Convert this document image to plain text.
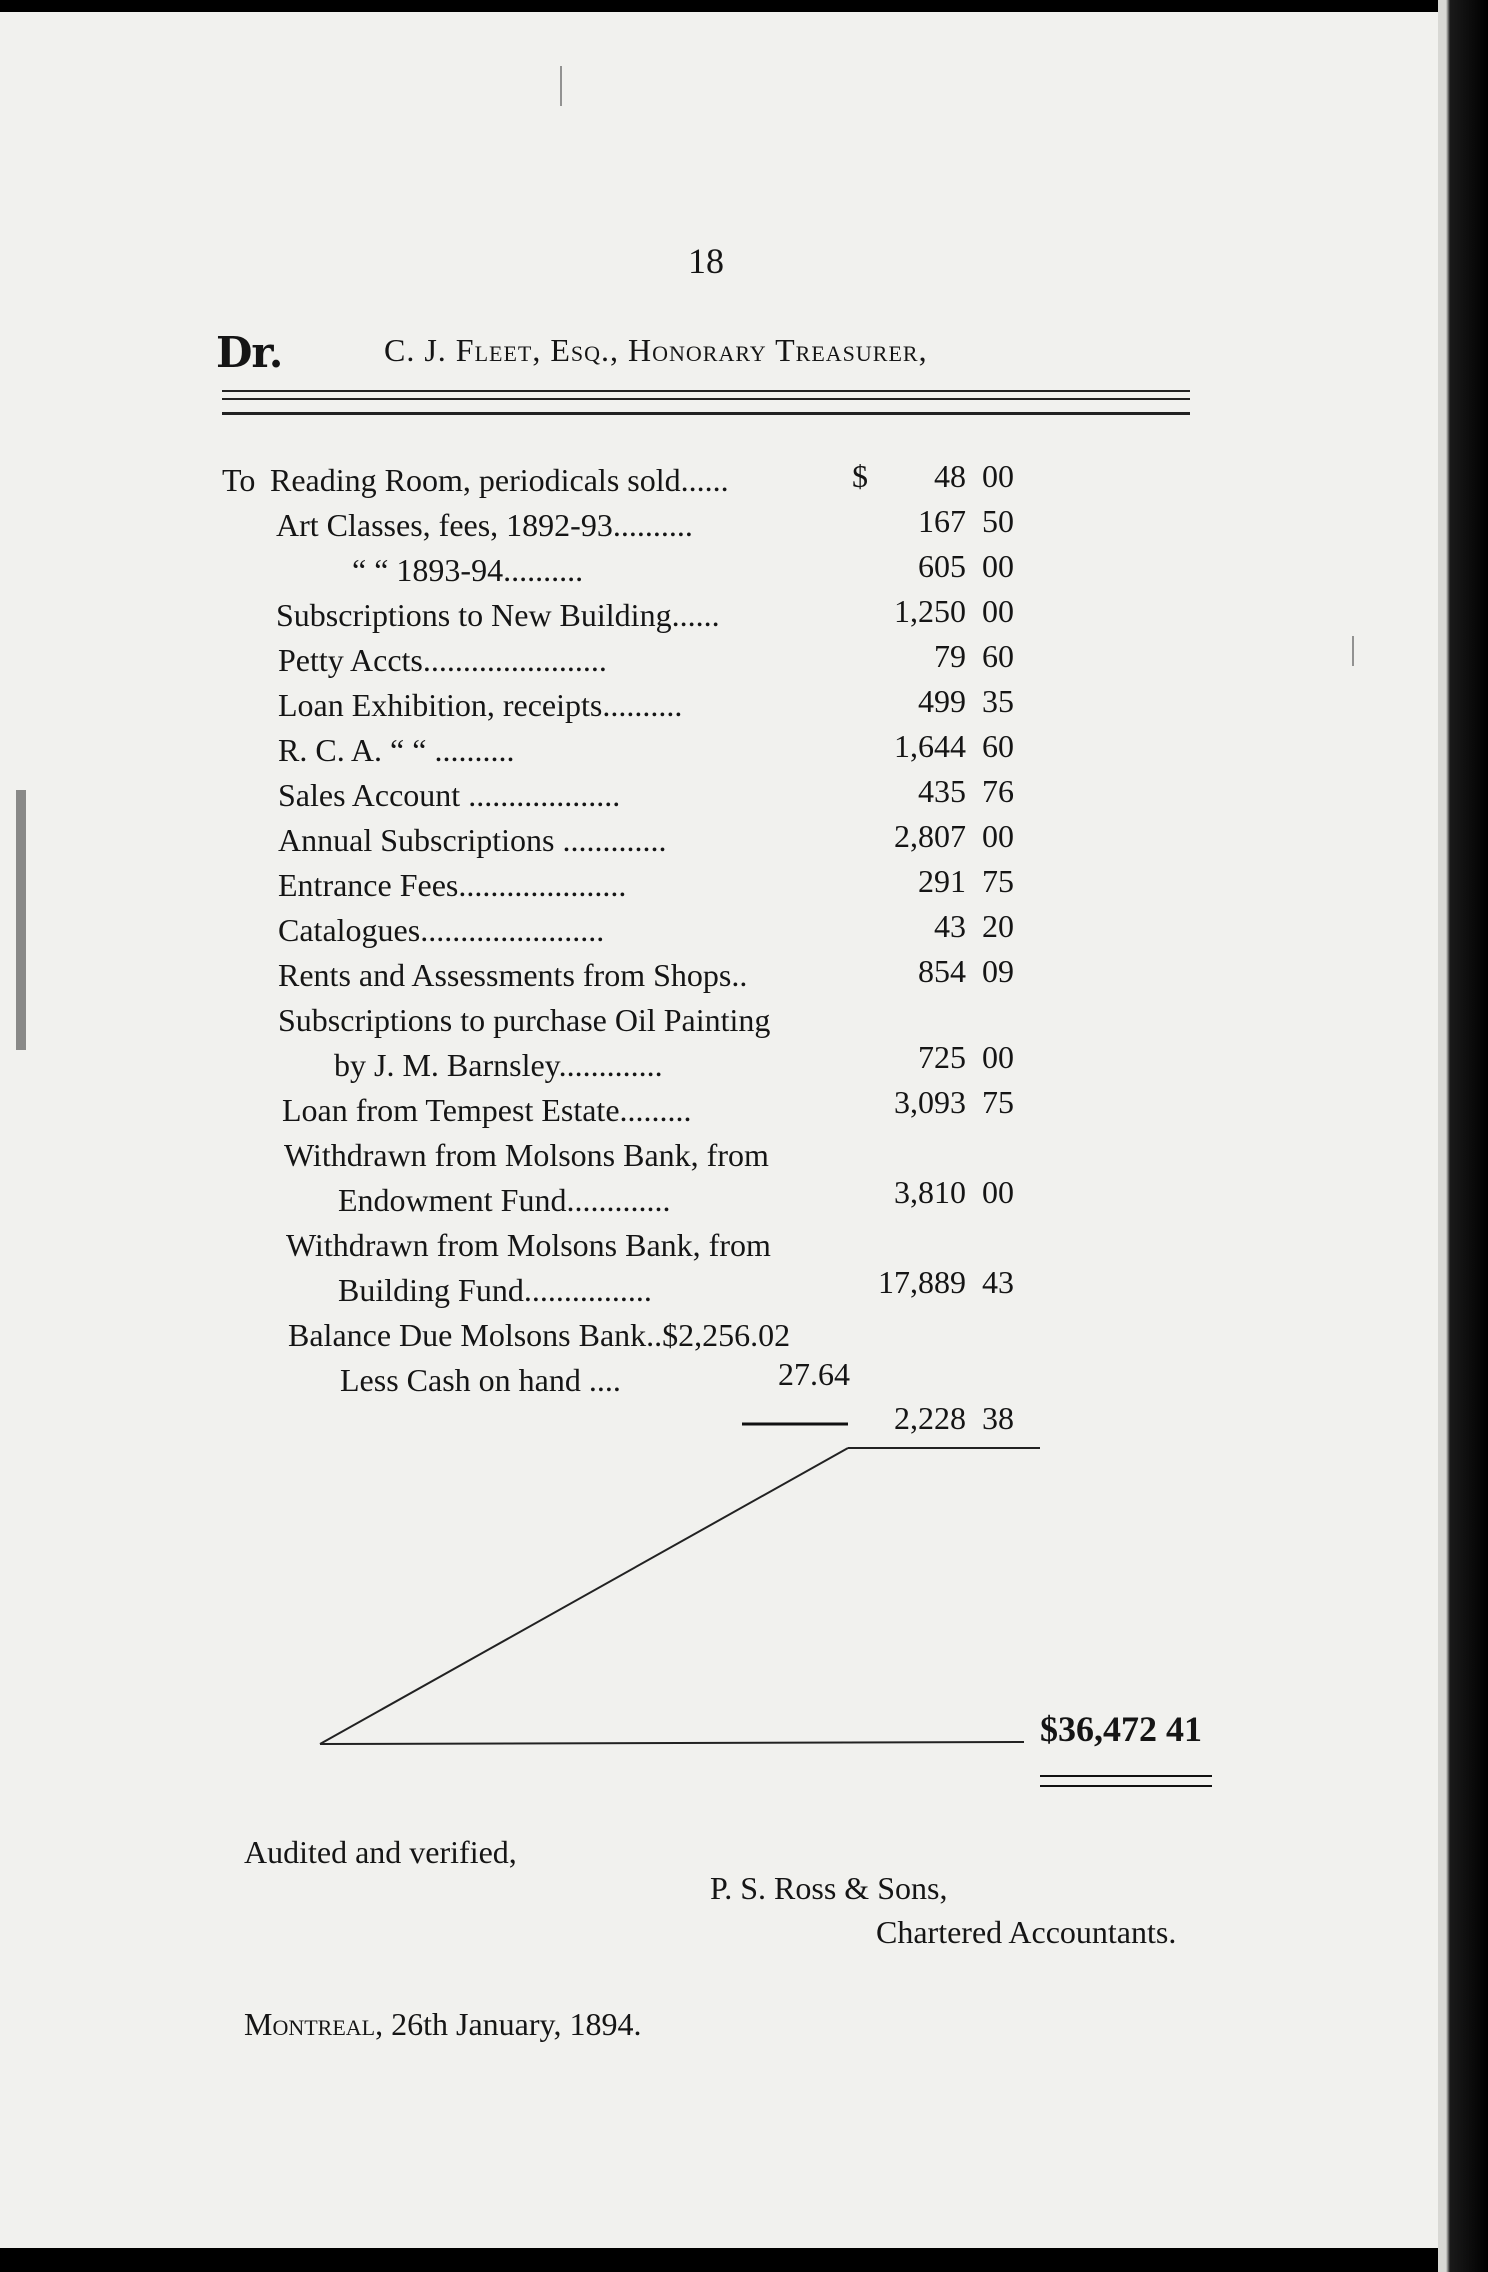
18
Dr.	C. J. Fleet, Esq., Honorary Treasurer,
To Reading Room, periodicals sold......	$	48 00
Art Classes, fees, 1892-93..........	167 50
“ “ 1893-94..........	605 00
Subscriptions to New Building......	1,250 00
Petty Accts.......................	79 60
Loan Exhibition, receipts..........	499 35
R. C. A. “ “ ..........	1,644 60
Sales Account ...................	435 76
Annual Subscriptions .............	2,807 00
Entrance Fees.....................	291 75
Catalogues.......................	43 20
Rents and Assessments from Shops..	854 09
Subscriptions to purchase Oil Painting
by J. M. Barnsley.............	725 00
Loan from Tempest Estate.........	3,093 75
Withdrawn from Molsons Bank, from
Endowment Fund.............	3,810 00
Withdrawn from Molsons Bank, from
Building Fund................	17,889 43
Balance Due Molsons Bank..$2,256.02
Less Cash on hand ....	27.64
2,228 38
$36,472 41
Audited and verified,
P. S. Ross & Sons,
Chartered Accountants.
Montreal, 26th January, 1894.
